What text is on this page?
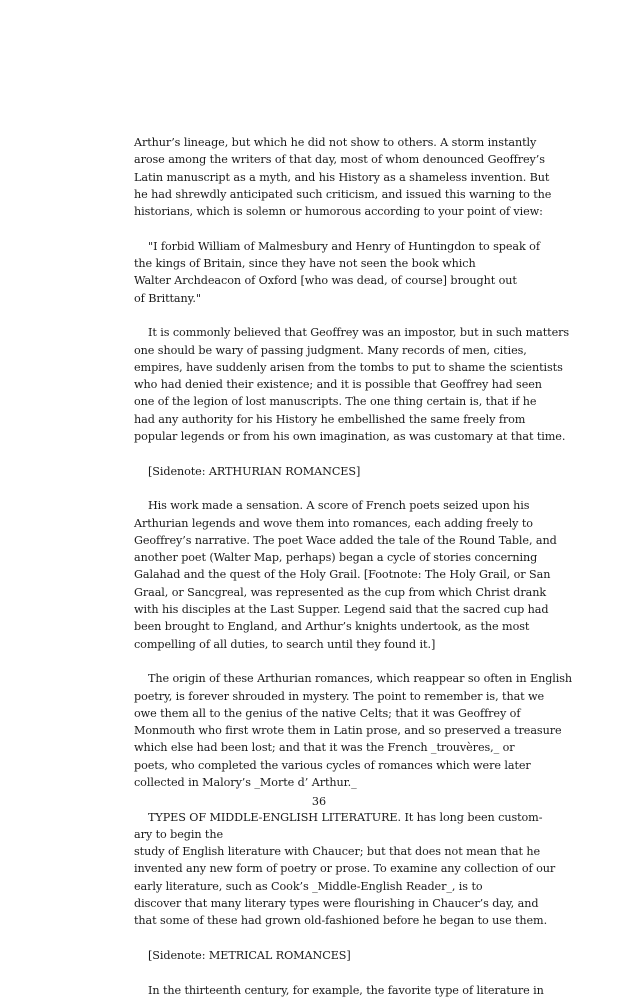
Arthur’s lineage, but which he did not show to others. A storm instantly
arose among the writers of that day, most of whom denounced Geoffrey’s
Latin manuscript as a myth, and his History as a shameless invention. But
he had shrewdly anticipated such criticism, and issued this warning to the
historians, which is solemn or humorous according to your point of view:
"I forbid William of Malmesbury and Henry of Huntingdon to speak of
the kings of Britain, since they have not seen the book which
Walter Archdeacon of Oxford [who was dead, of course] brought out
of Brittany."
It is commonly believed that Geoffrey was an impostor, but in such matters
one should be wary of passing judgment. Many records of men, cities,
empires, have suddenly arisen from the tombs to put to shame the scientists
who had denied their existence; and it is possible that Geoffrey had seen
one of the legion of lost manuscripts. The one thing certain is, that if he
had any authority for his History he embellished the same freely from
popular legends or from his own imagination, as was customary at that time.
[Sidenote: ARTHURIAN ROMANCES]
His work made a sensation. A score of French poets seized upon his
Arthurian legends and wove them into romances, each adding freely to
Geoffrey’s narrative. The poet Wace added the tale of the Round Table, and
another poet (Walter Map, perhaps) began a cycle of stories concerning
Galahad and the quest of the Holy Grail. [Footnote: The Holy Grail, or San
Graal, or Sancgreal, was represented as the cup from which Christ drank
with his disciples at the Last Supper. Legend said that the sacred cup had
been brought to England, and Arthur’s knights undertook, as the most
compelling of all duties, to search until they found it.]
The origin of these Arthurian romances, which reappear so often in English
poetry, is forever shrouded in mystery. The point to remember is, that we
owe them all to the genius of the native Celts; that it was Geoffrey of
Monmouth who first wrote them in Latin prose, and so preserved a treasure
which else had been lost; and that it was the French _trouvères,_ or
poets, who completed the various cycles of romances which were later
collected in Malory’s _Morte d’ Arthur._
TYPES OF MIDDLE-ENGLISH LITERATURE. It has long been custom-
ary to begin the
study of English literature with Chaucer; but that does not mean that he
invented any new form of poetry or prose. To examine any collection of our
early literature, such as Cook’s _Middle-English Reader_, is to
discover that many literary types were flourishing in Chaucer’s day, and
that some of these had grown old-fashioned before he began to use them.
[Sidenote: METRICAL ROMANCES]
In the thirteenth century, for example, the favorite type of literature in
36
